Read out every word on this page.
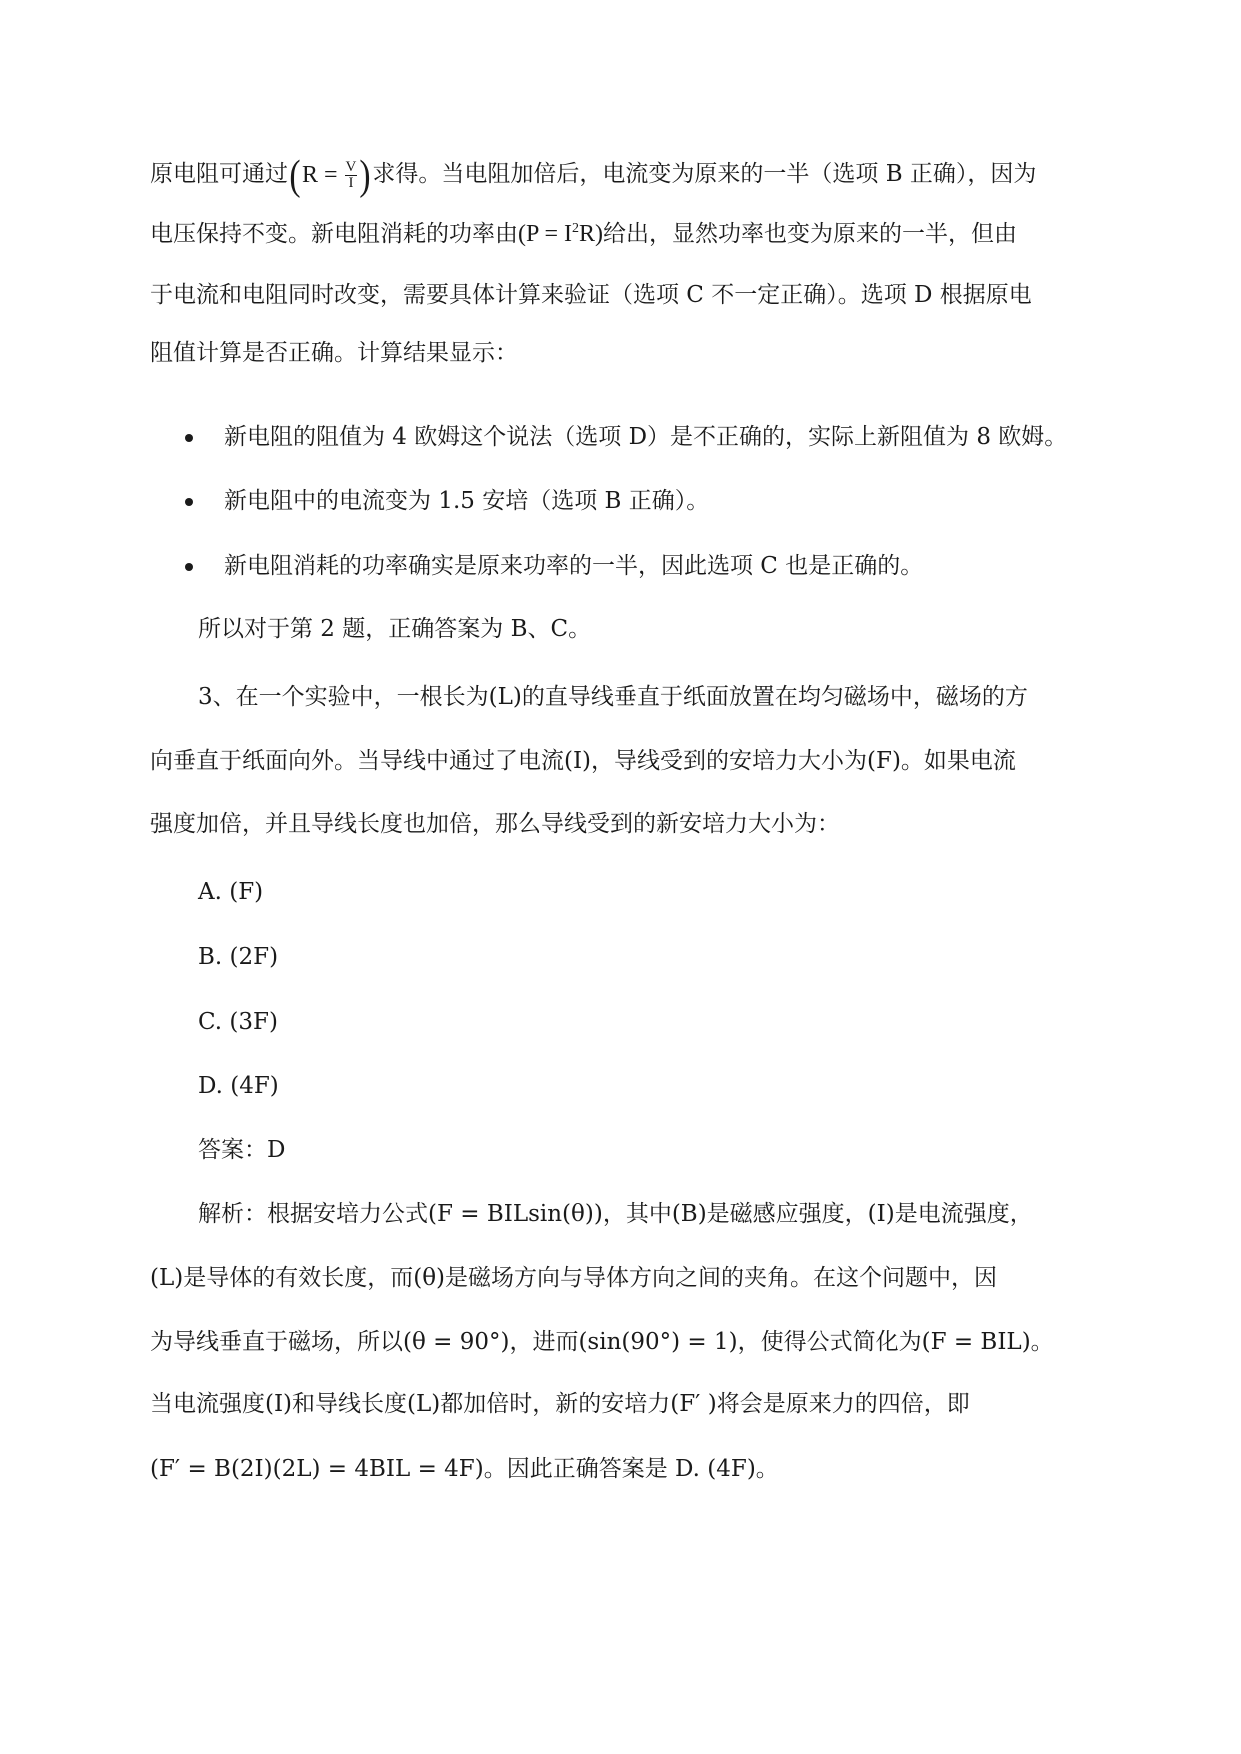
原电阻可通过($R = \frac{V}{I}$ )求得。当电阻加倍后，电流变为原来的一半（选项 B 正确），因为
电压保持不变。新电阻消耗的功率由$(P = I^2R)$给出，显然功率也变为原来的一半，但由
于电流和电阻同时改变，需要具体计算来验证（选项 C 不一定正确）。选项 D 根据原电
阻值计算是否正确。计算结果显示：
新电阻的阻值为 4 欧姆这个说法（选项 D）是不正确的，实际上新阻值为 8 欧姆。
新电阻中的电流变为 1.5 安培（选项 B 正确）。
新电阻消耗的功率确实是原来功率的一半，因此选项 C 也是正确的。
所以对于第 2 题，正确答案为 B、C。
3、在一个实验中，一根长为(L)的直导线垂直于纸面放置在均匀磁场中，磁场的方
向垂直于纸面向外。当导线中通过了电流(I)，导线受到的安培力大小为(F)。如果电流
强度加倍，并且导线长度也加倍，那么导线受到的新安培力大小为：
A. (F)
B. (2F)
C. (3F)
D. (4F)
答案：D
解析：根据安培力公式(F = BILsin(θ))，其中(B)是磁感应强度，(I)是电流强度，
(L)是导体的有效长度，而(θ)是磁场方向与导体方向之间的夹角。在这个问题中，因
为导线垂直于磁场，所以(θ = 90°)，进而(sin(90°) = 1)，使得公式简化为(F = BIL)。
当电流强度(I)和导线长度(L)都加倍时，新的安培力(F′ )将会是原来力的四倍，即
(F′ = B(2I)(2L) = 4BIL = 4F)。因此正确答案是 D. (4F)。
